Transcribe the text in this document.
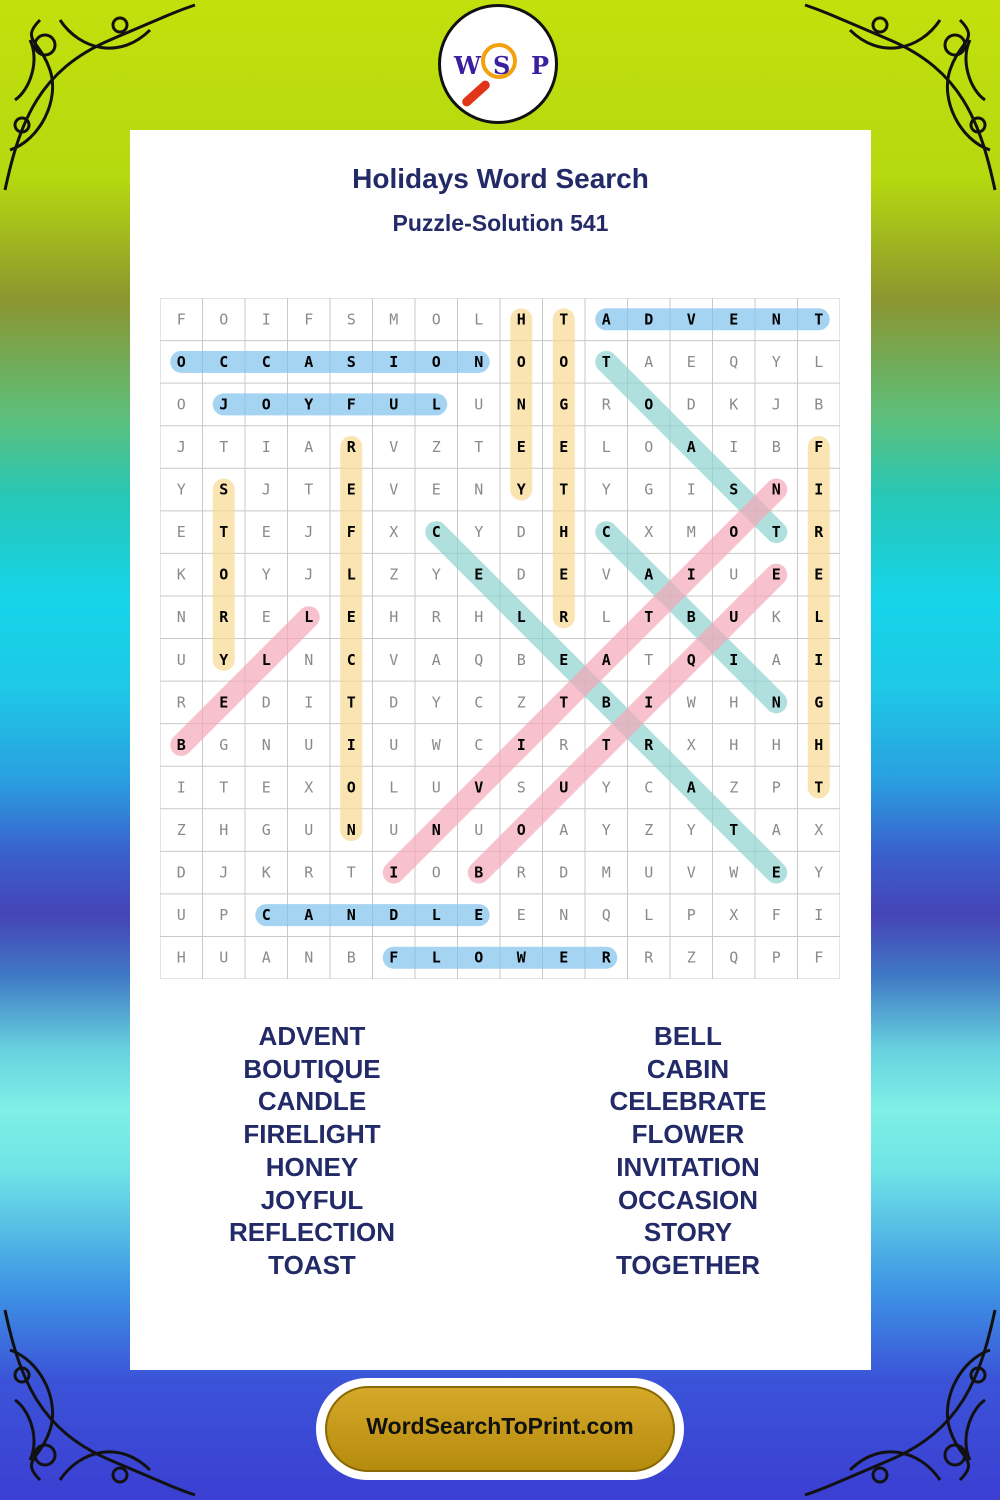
W S P
Holidays Word Search
Puzzle-Solution 541
F O I F S M O L H T A D V E N T
O C C A S I O N O O T A E Q Y L
O J O Y F U L U N G R O D K J B
J T I A R V Z T E E L O A I B F
Y S J T E V E N Y T Y G I S N I
E T E J F X C Y D H C X M O T R
K O Y J L Z Y E D E V A I U E E
N R E L E H R H L R L T B U K L
U Y L N C V A Q B E A T Q I A I
R E D I T D Y C Z T B I W H N G
B G N U I U W C I R T R X H H H
I T E X O L U V S U Y C A Z P T
Z H G U N U N U O A Y Z Y T A X
D J K R T I O B R D M U V W E Y
U P C A N D L E E N Q L P X F I
H U A N B F L O W E R R Z Q P F
ADVENT
BOUTIQUE
CANDLE
FIRELIGHT
HONEY
JOYFUL
REFLECTION
TOAST
BELL
CABIN
CELEBRATE
FLOWER
INVITATION
OCCASION
STORY
TOGETHER
WordSearchToPrint.com
